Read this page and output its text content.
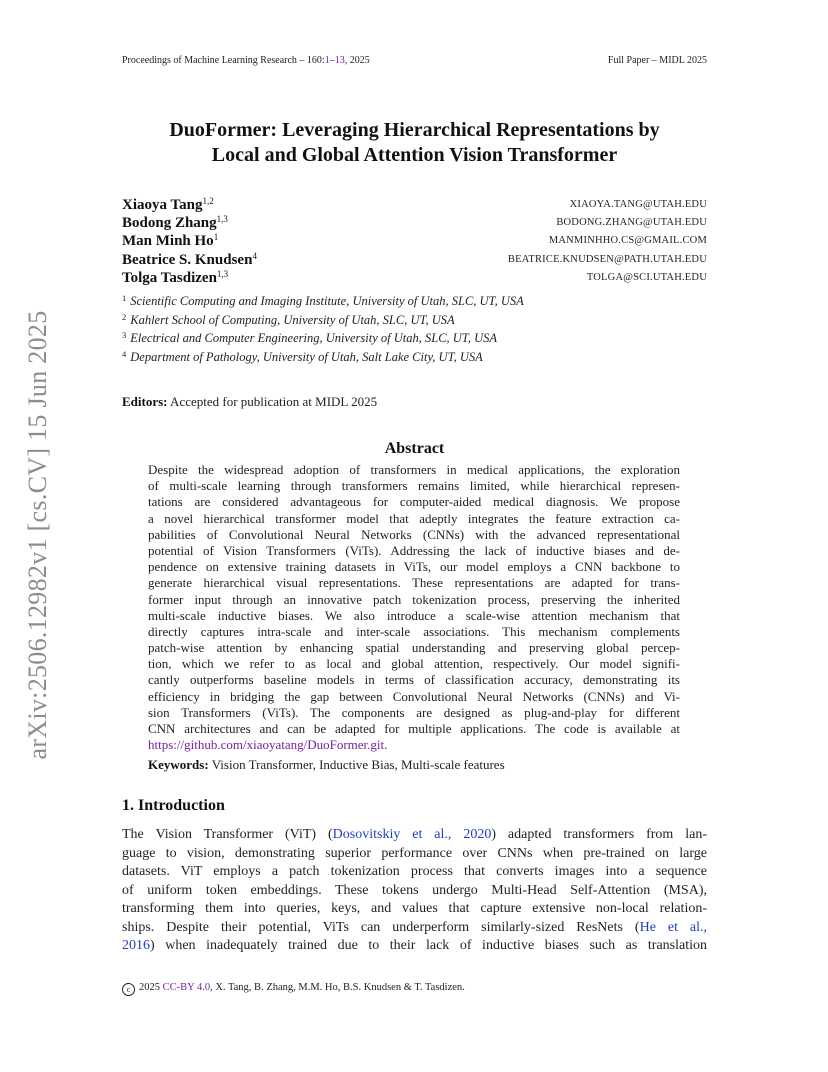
Proceedings of Machine Learning Research – 160:1–13, 2025	Full Paper – MIDL 2025
arXiv:2506.12982v1 [cs.CV] 15 Jun 2025
DuoFormer: Leveraging Hierarchical Representations by
Local and Global Attention Vision Transformer
Xiaoya Tang$^{1,2}$	XIAOYA.TANG@UTAH.EDU
Bodong Zhang$^{1,3}$	BODONG.ZHANG@UTAH.EDU
Man Minh Ho$^1$	MANMINHHO.CS@GMAIL.COM
Beatrice S. Knudsen$^4$	BEATRICE.KNUDSEN@PATH.UTAH.EDU
Tolga Tasdizen$^{1,3}$	TOLGA@SCI.UTAH.EDU
$^1$ Scientific Computing and Imaging Institute, University of Utah, SLC, UT, USA
$^2$ Kahlert School of Computing, University of Utah, SLC, UT, USA
$^3$ Electrical and Computer Engineering, University of Utah, SLC, UT, USA
$^4$ Department of Pathology, University of Utah, Salt Lake City, UT, USA
Editors: Accepted for publication at MIDL 2025
Abstract
Despite the widespread adoption of transformers in medical applications, the exploration
of multi-scale learning through transformers remains limited, while hierarchical represen-
tations are considered advantageous for computer-aided medical diagnosis. We propose
a novel hierarchical transformer model that adeptly integrates the feature extraction ca-
pabilities of Convolutional Neural Networks (CNNs) with the advanced representational
potential of Vision Transformers (ViTs). Addressing the lack of inductive biases and de-
pendence on extensive training datasets in ViTs, our model employs a CNN backbone to
generate hierarchical visual representations. These representations are adapted for trans-
former input through an innovative patch tokenization process, preserving the inherited
multi-scale inductive biases. We also introduce a scale-wise attention mechanism that
directly captures intra-scale and inter-scale associations. This mechanism complements
patch-wise attention by enhancing spatial understanding and preserving global percep-
tion, which we refer to as local and global attention, respectively. Our model signifi-
cantly outperforms baseline models in terms of classification accuracy, demonstrating its
efficiency in bridging the gap between Convolutional Neural Networks (CNNs) and Vi-
sion Transformers (ViTs). The components are designed as plug-and-play for different
CNN architectures and can be adapted for multiple applications. The code is available at
https://github.com/xiaoyatang/DuoFormer.git.
Keywords: Vision Transformer, Inductive Bias, Multi-scale features
1. Introduction
The Vision Transformer (ViT) (Dosovitskiy et al., 2020) adapted transformers from lan-
guage to vision, demonstrating superior performance over CNNs when pre-trained on large
datasets. ViT employs a patch tokenization process that converts images into a sequence
of uniform token embeddings. These tokens undergo Multi-Head Self-Attention (MSA),
transforming them into queries, keys, and values that capture extensive non-local relation-
ships. Despite their potential, ViTs can underperform similarly-sized ResNets (He et al.,
2016) when inadequately trained due to their lack of inductive biases such as translation
c 2025 CC-BY 4.0, X. Tang, B. Zhang, M.M. Ho, B.S. Knudsen & T. Tasdizen.
